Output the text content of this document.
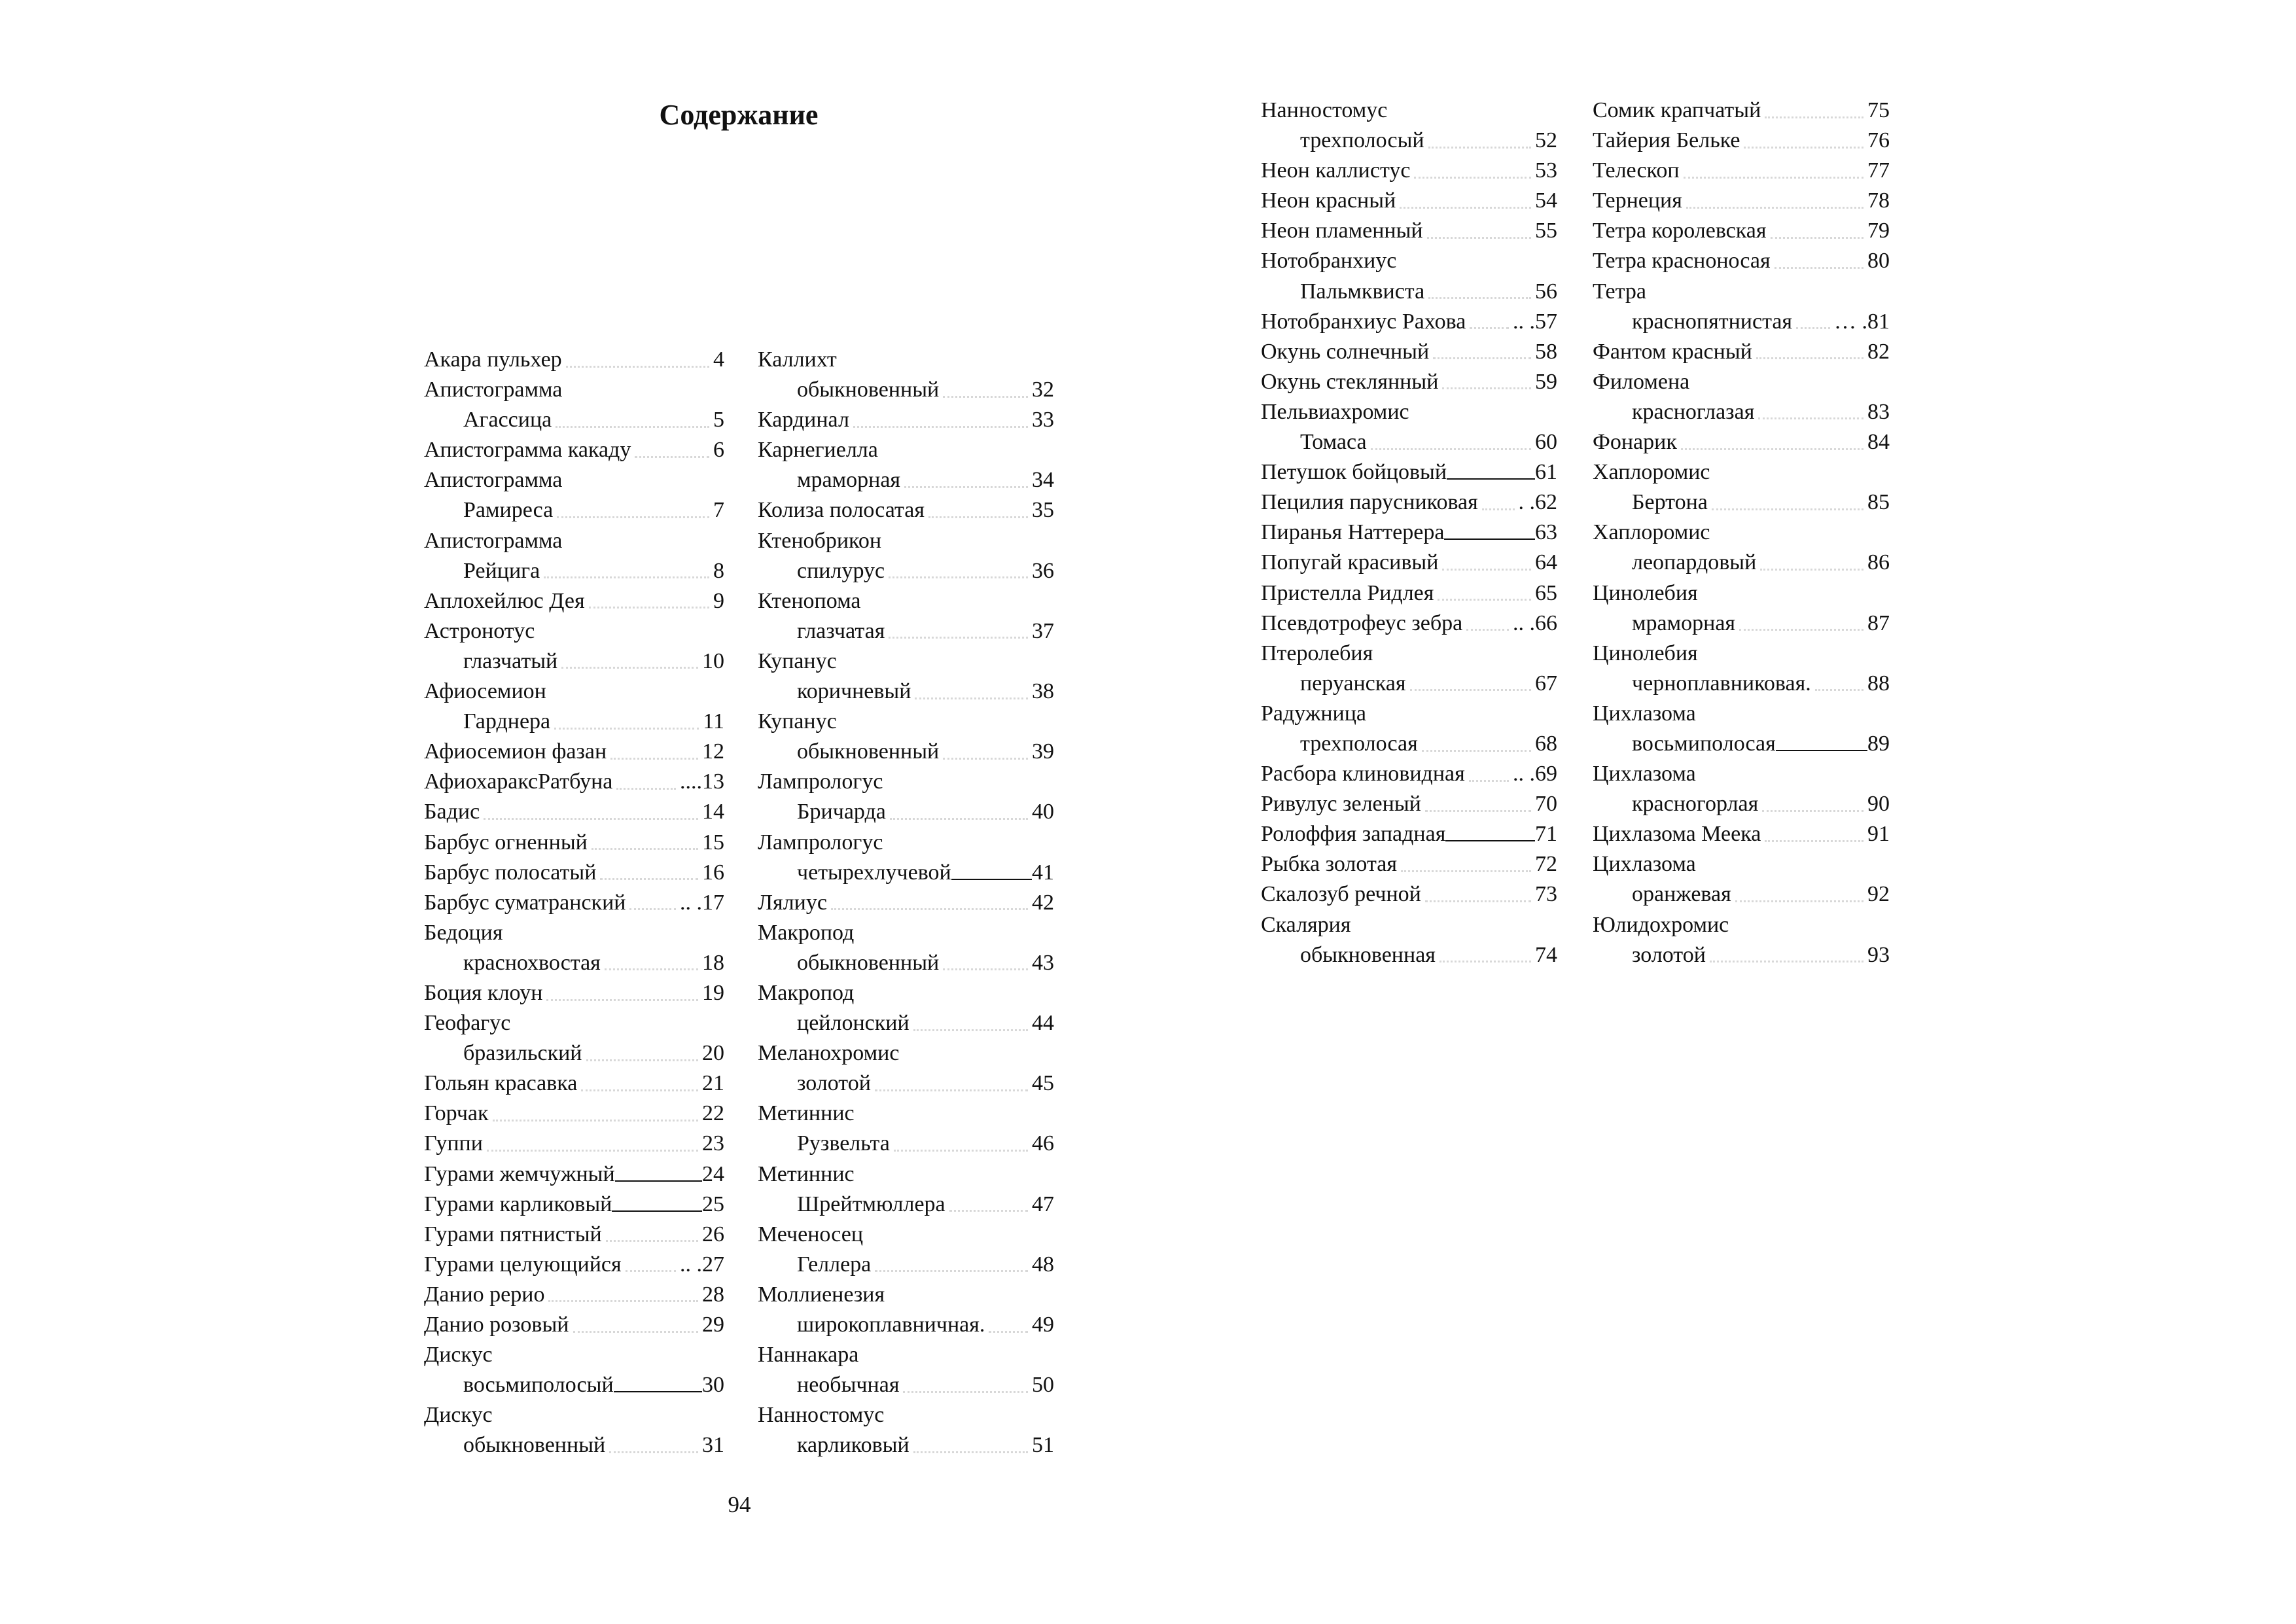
Содержание
Акара пульхер	4
Апистограмма
Агассица	5
Апистограмма какаду	6
Апистограмма
Рамиреса	7
Апистограмма
Рейцига	8
Аплохейлюс Дея	9
Астронотус
глазчатый	10
Афиосемион
Гарднера	11
Афиосемион фазан	12
АфиохараксРатбуна	....13
Бадис	14
Барбус огненный	15
Барбус полосатый	16
Барбус суматранский .. .17
Бедоция
краснохвостая	18
Боция клоун	19
Геофагус
бразильский	20
Гольян красавка	21
Горчак	22
Гуппи	23
Гурами жемчужный	24
Гурами карликовый	25
Гурами пятнистый	26
Гурами целующийся	.. .27
Данио рерио	28
Данио розовый	29
Дискус
восьмиполосый	30
Дискус
обыкновенный	31
Каллихт
обыкновенный	32
Кардинал	33
Карнегиелла
мраморная	34
Колиза полосатая	35
Ктенобрикон
спилурус	36
Ктенопома
глазчатая	37
Купанус
коричневый	38
Купанус
обыкновенный	39
Лампрологус
Бричарда	40
Лампрологус
четырехлучевой	41
Лялиус	42
Макропод
обыкновенный	43
Макропод
цейлонский	44
Меланохромис
золотой	45
Метиннис
Рузвельта	46
Метиннис
Шрейтмюллера	47
Меченосец
Геллера	48
Моллиенезия
широкоплавничная. 49
Наннакара
необычная	50
Нанностомус
карликовый	51
Нанностомус
трехполосый	52
Неон каллистус	53
Неон красный	54
Неон пламенный	55
Нотобранхиус
Пальмквиста	56
Нотобранхиус Рахова .. .57
Окунь солнечный	58
Окунь стеклянный	59
Пельвиахромис
Томаса	60
Петушок бойцовый	61
Пецилия парусниковая . .62
Пиранья Наттерера	63
Попугай красивый	64
Пристелла Ридлея	65
Псевдотрофеус зебра .. .66
Птеролебия
перуанская	67
Радужница
трехполосая	68
Расбора клиновидная .. .69
Ривулус зеленый	70
Ролоффия западная	71
Рыбка золотая	72
Скалозуб речной	73
Скалярия
обыкновенная	74
Сомик крапчатый	75
Тайерия Бельке	76
Телескоп	77
Тернеция	78
Тетра королевская	79
Тетра красноносая	80
Тетра
краснопятнистая … .81
Фантом красный	82
Филомена
красноглазая	83
Фонарик	84
Хаплоромис
Бертона	85
Хаплоромис
леопардовый	86
Цинолебия
мраморная	87
Цинолебия
черноплавниковая.	88
Цихлазома
восьмиполосая	89
Цихлазома
красногорлая	90
Цихлазома Меека	91
Цихлазома
оранжевая	92
Юлидохромис
золотой	93
94
